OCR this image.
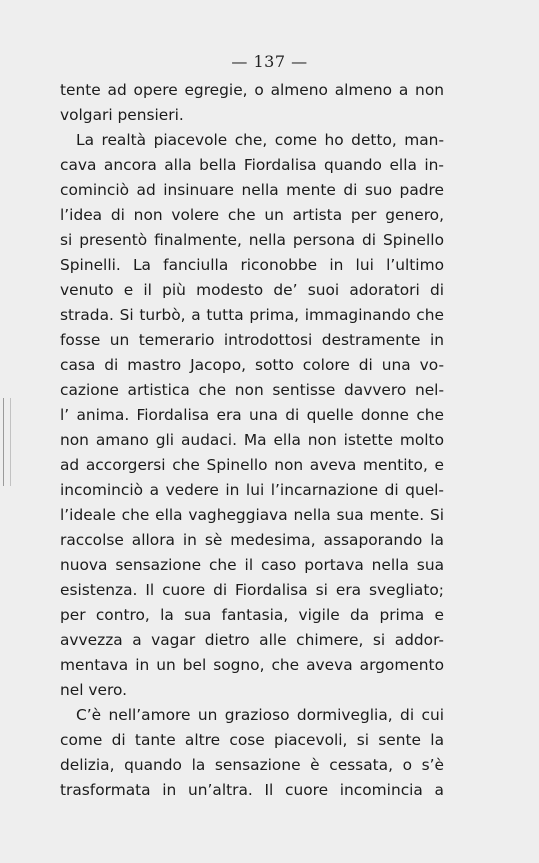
— 137 —
tente ad opere egregie, o almeno almeno a non
volgari pensieri.
La realtà piacevole che, come ho detto, man-
cava ancora alla bella Fiordalisa quando ella in-
cominciò ad insinuare nella mente di suo padre
l’idea di non volere che un artista per genero,
si presentò finalmente, nella persona di Spinello
Spinelli. La fanciulla riconobbe in lui l’ultimo
venuto e il più modesto de’ suoi adoratori di
strada. Si turbò, a tutta prima, immaginando che
fosse un temerario introdottosi destramente in
casa di mastro Jacopo, sotto colore di una vo-
cazione artistica che non sentisse davvero nel-
l’ anima. Fiordalisa era una di quelle donne che
non amano gli audaci. Ma ella non istette molto
ad accorgersi che Spinello non aveva mentito, e
incominciò a vedere in lui l’incarnazione di quel-
l’ideale che ella vagheggiava nella sua mente. Si
raccolse allora in sè medesima, assaporando la
nuova sensazione che il caso portava nella sua
esistenza. Il cuore di Fiordalisa si era svegliato;
per contro, la sua fantasia, vigile da prima e
avvezza a vagar dietro alle chimere, si addor-
mentava in un bel sogno, che aveva argomento
nel vero.
C’è nell’amore un grazioso dormiveglia, di cui
come di tante altre cose piacevoli, si sente la
delizia, quando la sensazione è cessata, o s’è
trasformata in un’altra. Il cuore incomincia a
